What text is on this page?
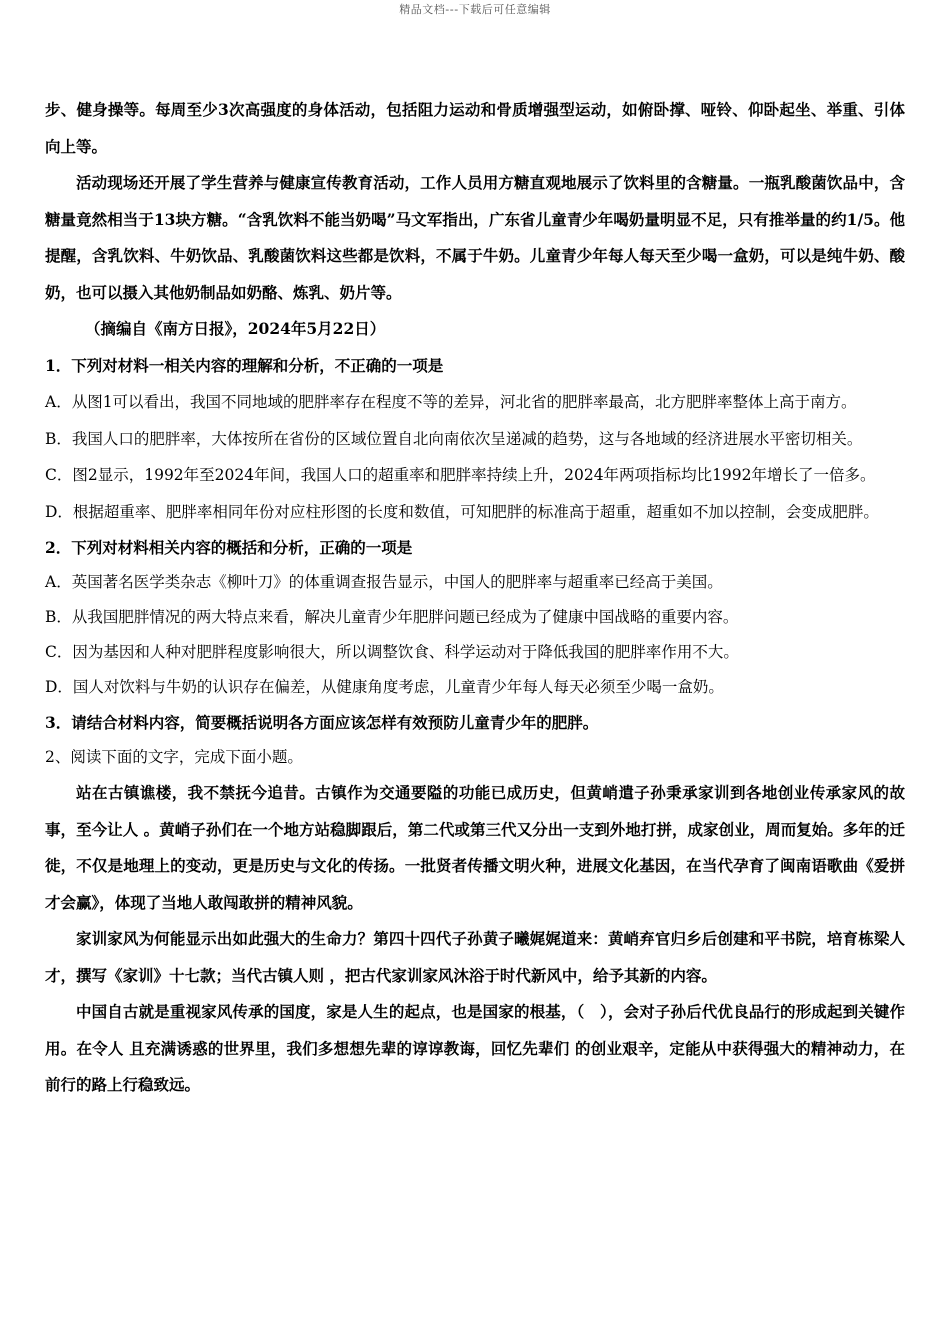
精品文档---下载后可任意编辑

步、健身操等。每周至少3次高强度的身体活动，包括阻力运动和骨质增强型运动，如俯卧撑、哑铃、仰卧起坐、举重、引体向上等。

活动现场还开展了学生营养与健康宣传教育活动，工作人员用方糖直观地展示了饮料里的含糖量。一瓶乳酸菌饮品中，含糖量竟然相当于13块方糖。“含乳饮料不能当奶喝”马文军指出，广东省儿童青少年喝奶量明显不足，只有推举量的约1/5。他提醒，含乳饮料、牛奶饮品、乳酸菌饮料这些都是饮料，不属于牛奶。儿童青少年每人每天至少喝一盒奶，可以是纯牛奶、酸奶，也可以摄入其他奶制品如奶酪、炼乳、奶片等。

（摘编自《南方日报》，2024年5月22日）

1．下列对材料一相关内容的理解和分析，不正确的一项是

A．从图1可以看出，我国不同地域的肥胖率存在程度不等的差异，河北省的肥胖率最高，北方肥胖率整体上高于南方。

B．我国人口的肥胖率，大体按所在省份的区域位置自北向南依次呈递减的趋势，这与各地域的经济进展水平密切相关。

C．图2显示，1992年至2024年间，我国人口的超重率和肥胖率持续上升，2024年两项指标均比1992年增长了一倍多。

D．根据超重率、肥胖率相同年份对应柱形图的长度和数值，可知肥胖的标准高于超重，超重如不加以控制，会变成肥胖。

2．下列对材料相关内容的概括和分析，正确的一项是

A．英国著名医学类杂志《柳叶刀》的体重调查报告显示，中国人的肥胖率与超重率已经高于美国。

B．从我国肥胖情况的两大特点来看，解决儿童青少年肥胖问题已经成为了健康中国战略的重要内容。

C．因为基因和人种对肥胖程度影响很大，所以调整饮食、科学运动对于降低我国的肥胖率作用不大。

D．国人对饮料与牛奶的认识存在偏差，从健康角度考虑，儿童青少年每人每天必须至少喝一盒奶。

3．请结合材料内容，简要概括说明各方面应该怎样有效预防儿童青少年的肥胖。

2、阅读下面的文字，完成下面小题。

站在古镇谯楼，我不禁抚今追昔。古镇作为交通要隘的功能已成历史，但黄峭遣子孙秉承家训到各地创业传承家风的故事，至今让人 。黄峭子孙们在一个地方站稳脚跟后，第二代或第三代又分出一支到外地打拼，成家创业，周而复始。多年的迁徙，不仅是地理上的变动，更是历史与文化的传扬。一批贤者传播文明火种，进展文化基因，在当代孕育了闽南语歌曲《爱拼才会赢》，体现了当地人敢闯敢拼的精神风貌。

家训家风为何能显示出如此强大的生命力？第四十四代子孙黄子曦娓娓道来：黄峭弃官归乡后创建和平书院，培育栋梁人才，撰写《家训》十七款；当代古镇人则 ，把古代家训家风沐浴于时代新风中，给予其新的内容。

中国自古就是重视家风传承的国度，家是人生的起点，也是国家的根基，（　），会对子孙后代优良品行的形成起到关键作用。在令人 且充满诱惑的世界里，我们多想想先辈的谆谆教诲，回忆先辈们 的创业艰辛，定能从中获得强大的精神动力，在前行的路上行稳致远。
